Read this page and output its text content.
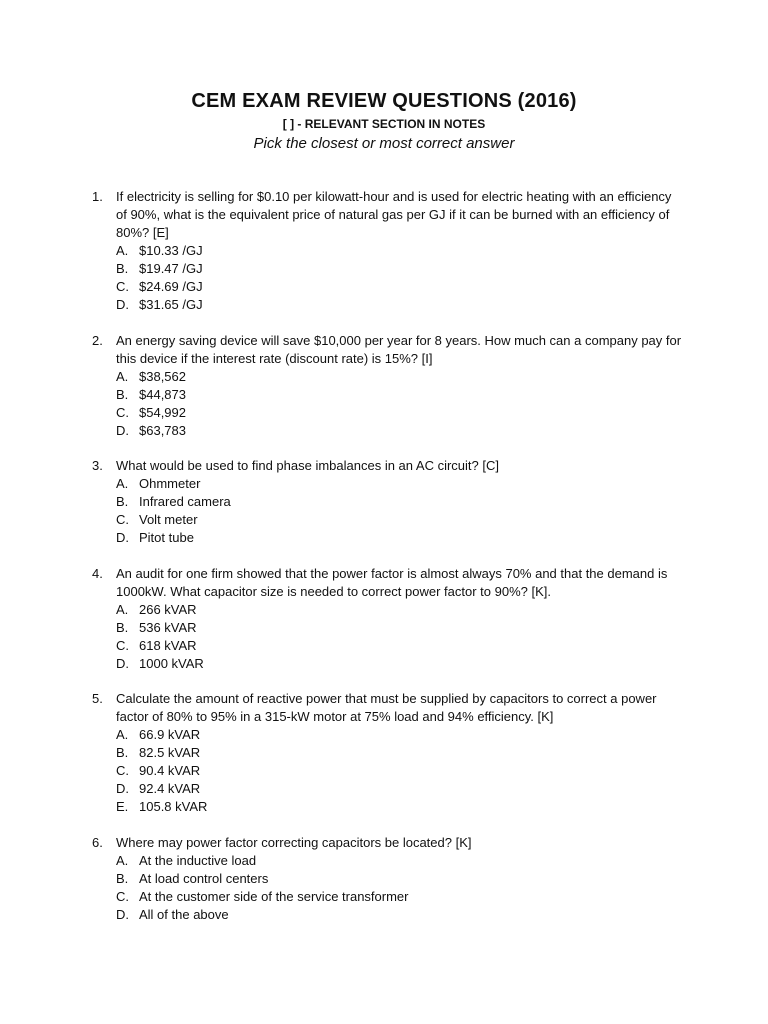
CEM EXAM REVIEW QUESTIONS (2016)
[ ] - RELEVANT SECTION IN NOTES
Pick the closest or most correct answer
1. If electricity is selling for $0.10 per kilowatt-hour and is used for electric heating with an efficiency of 90%, what is the equivalent price of natural gas per GJ if it can be burned with an efficiency of 80%? [E]
A. $10.33 /GJ
B. $19.47 /GJ
C. $24.69 /GJ
D. $31.65 /GJ
2. An energy saving device will save $10,000 per year for 8 years. How much can a company pay for this device if the interest rate (discount rate) is 15%? [I]
A. $38,562
B. $44,873
C. $54,992
D. $63,783
3. What would be used to find phase imbalances in an AC circuit? [C]
A. Ohmmeter
B. Infrared camera
C. Volt meter
D. Pitot tube
4. An audit for one firm showed that the power factor is almost always 70% and that the demand is 1000kW. What capacitor size is needed to correct power factor to 90%? [K].
A. 266 kVAR
B. 536 kVAR
C. 618 kVAR
D. 1000 kVAR
5. Calculate the amount of reactive power that must be supplied by capacitors to correct a power factor of 80% to 95% in a 315-kW motor at 75% load and 94% efficiency. [K]
A. 66.9 kVAR
B. 82.5 kVAR
C. 90.4 kVAR
D. 92.4 kVAR
E. 105.8 kVAR
6. Where may power factor correcting capacitors be located? [K]
A. At the inductive load
B. At load control centers
C. At the customer side of the service transformer
D. All of the above
